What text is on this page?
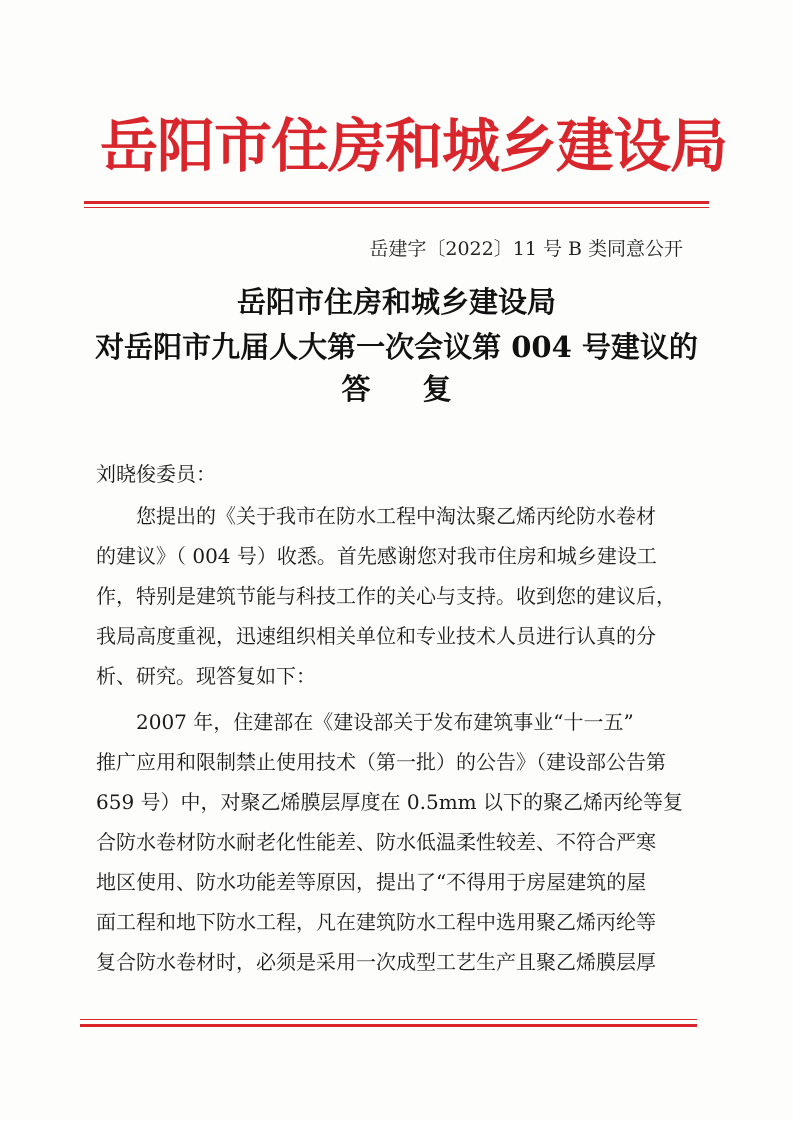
岳阳市住房和城乡建设局
岳建字〔2022〕11 号 B 类同意公开
岳阳市住房和城乡建设局
对岳阳市九届人大第一次会议第 004 号建议的
答复
刘晓俊委员：
您提出的《关于我市在防水工程中淘汰聚乙烯丙纶防水卷材
的建议》（ 004 号）收悉。首先感谢您对我市住房和城乡建设工
作，特别是建筑节能与科技工作的关心与支持。收到您的建议后，
我局高度重视，迅速组织相关单位和专业技术人员进行认真的分
析、研究。现答复如下：
2007 年，住建部在《建设部关于发布建筑事业“十一五”
推广应用和限制禁止使用技术（第一批）的公告》（建设部公告第
659 号）中，对聚乙烯膜层厚度在 0.5mm 以下的聚乙烯丙纶等复
合防水卷材防水耐老化性能差、防水低温柔性较差、不符合严寒
地区使用、防水功能差等原因，提出了“不得用于房屋建筑的屋
面工程和地下防水工程，凡在建筑防水工程中选用聚乙烯丙纶等
复合防水卷材时，必须是采用一次成型工艺生产且聚乙烯膜层厚
